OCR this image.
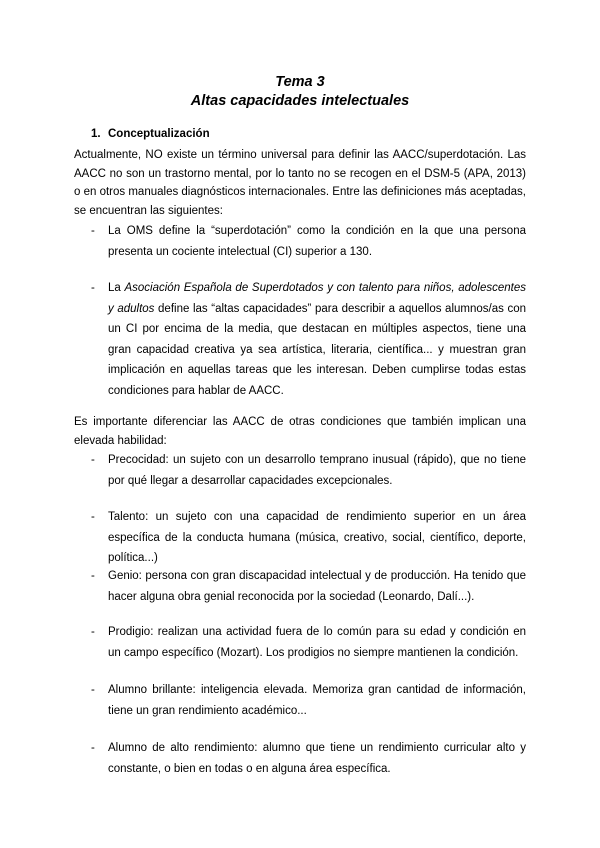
Tema 3
Altas capacidades intelectuales
1. Conceptualización

Actualmente, NO existe un término universal para definir las AACC/superdotación. Las AACC no son un trastorno mental, por lo tanto no se recogen en el DSM-5 (APA, 2013) o en otros manuales diagnósticos internacionales. Entre las definiciones más aceptadas, se encuentran las siguientes:

- La OMS define la “superdotación” como la condición en la que una persona presenta un cociente intelectual (CI) superior a 130.
- La Asociación Española de Superdotados y con talento para niños, adolescentes y adultos define las “altas capacidades” para describir a aquellos alumnos/as con un CI por encima de la media, que destacan en múltiples aspectos, tiene una gran capacidad creativa ya sea artística, literaria, científica... y muestran gran implicación en aquellas tareas que les interesan. Deben cumplirse todas estas condiciones para hablar de AACC.

Es importante diferenciar las AACC de otras condiciones que también implican una elevada habilidad:

- Precocidad: un sujeto con un desarrollo temprano inusual (rápido), que no tiene por qué llegar a desarrollar capacidades excepcionales.
- Talento: un sujeto con una capacidad de rendimiento superior en un área específica de la conducta humana (música, creativo, social, científico, deporte, política...)
- Genio: persona con gran discapacidad intelectual y de producción. Ha tenido que hacer alguna obra genial reconocida por la sociedad (Leonardo, Dalí...).
- Prodigio: realizan una actividad fuera de lo común para su edad y condición en un campo específico (Mozart). Los prodigios no siempre mantienen la condición.
- Alumno brillante: inteligencia elevada. Memoriza gran cantidad de información, tiene un gran rendimiento académico...
- Alumno de alto rendimiento: alumno que tiene un rendimiento curricular alto y constante, o bien en todas o en alguna área específica.
